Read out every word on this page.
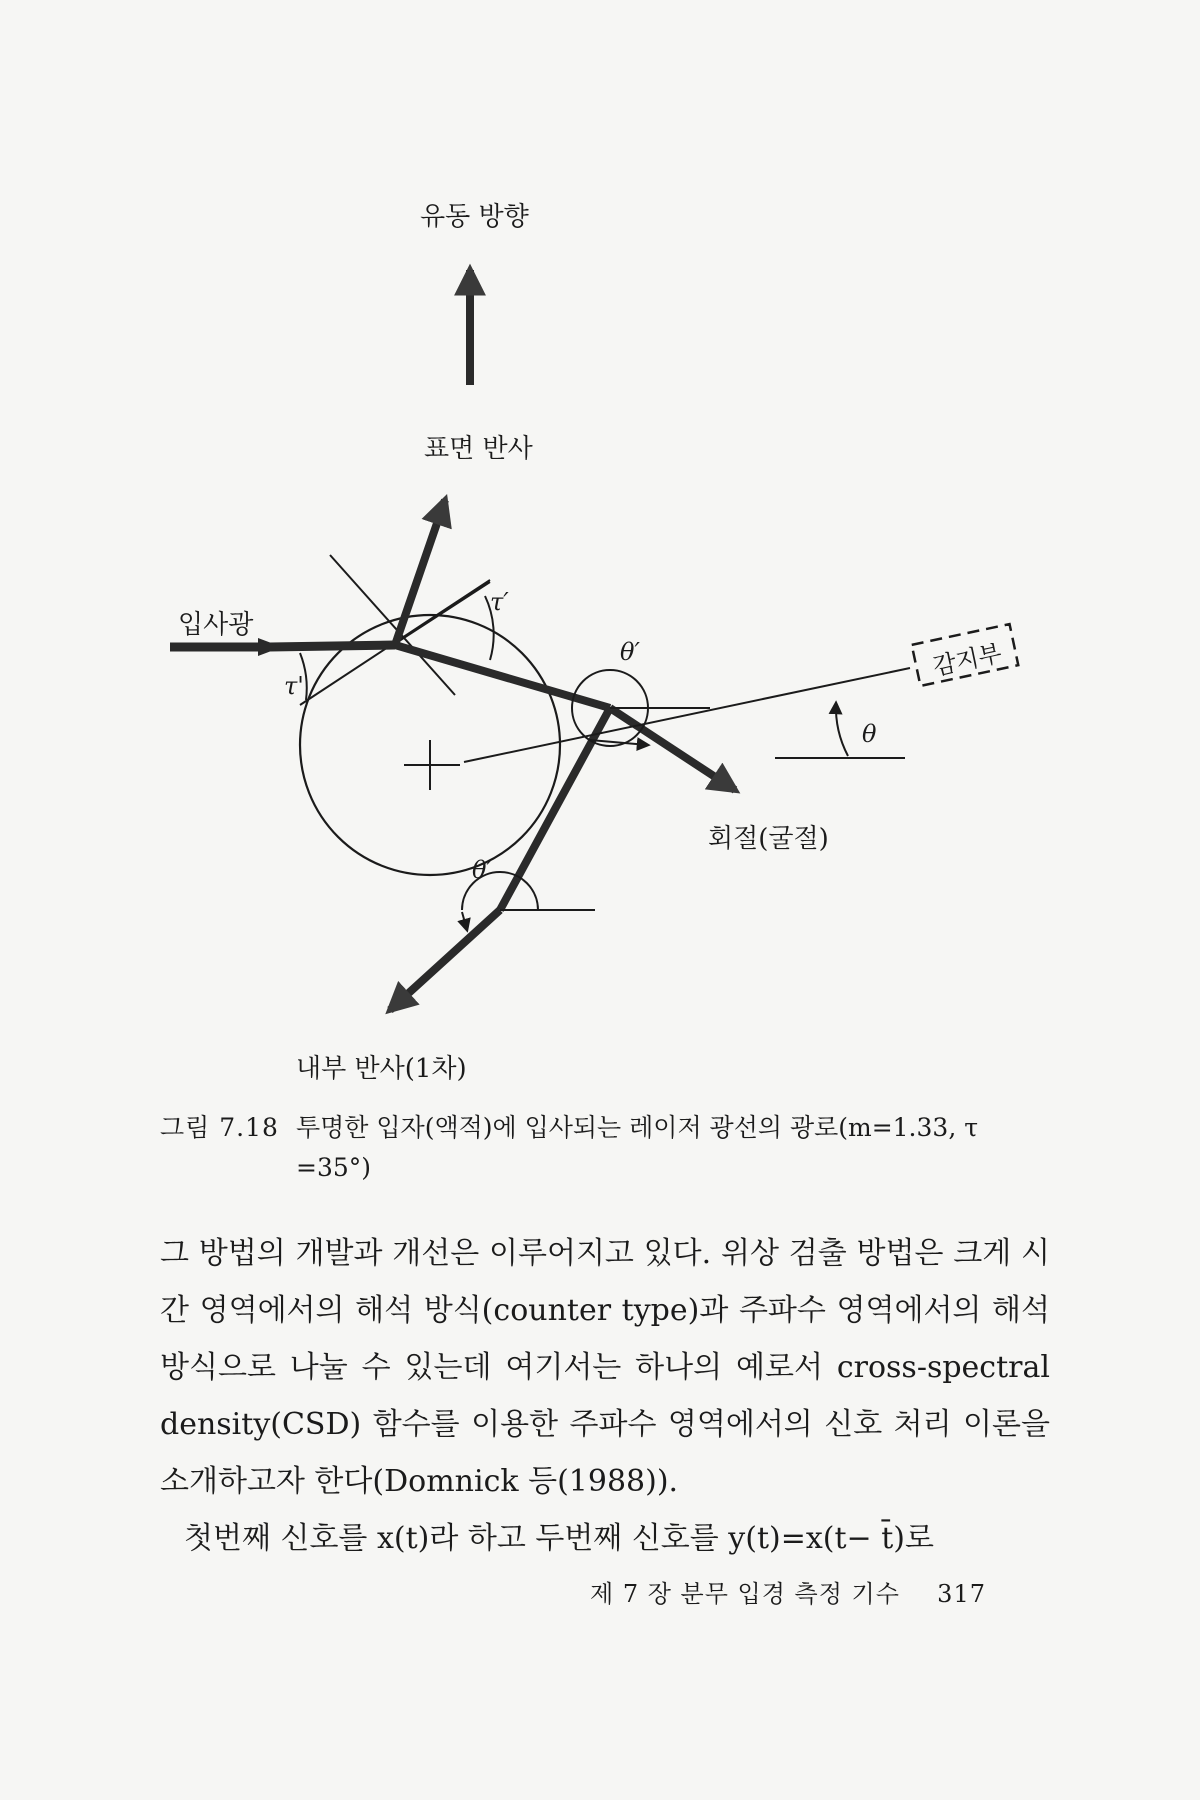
유동 방향
표면 반사
입사광
τ′
τ'
θ′
θ
감지부
회절(굴절)
θ′
내부 반사(1차)
그림 7.18 투명한 입자(액적)에 입사되는 레이저 광선의 광로(m=1.33, τ
=35°)

그 방법의 개발과 개선은 이루어지고 있다. 위상 검출 방법은 크게 시간 영역에서의 해석 방식(counter type)과 주파수 영역에서의 해석 방식으로 나눌 수 있는데 여기서는 하나의 예로서 cross-spectral density(CSD) 함수를 이용한 주파수 영역에서의 신호 처리 이론을 소개하고자 한다(Domnick 등(1988)).

첫번째 신호를 x(t)라 하고 두번째 신호를 y(t)=x(t− t̄)로

제 7 장 분무 입경 측정 기수 317
